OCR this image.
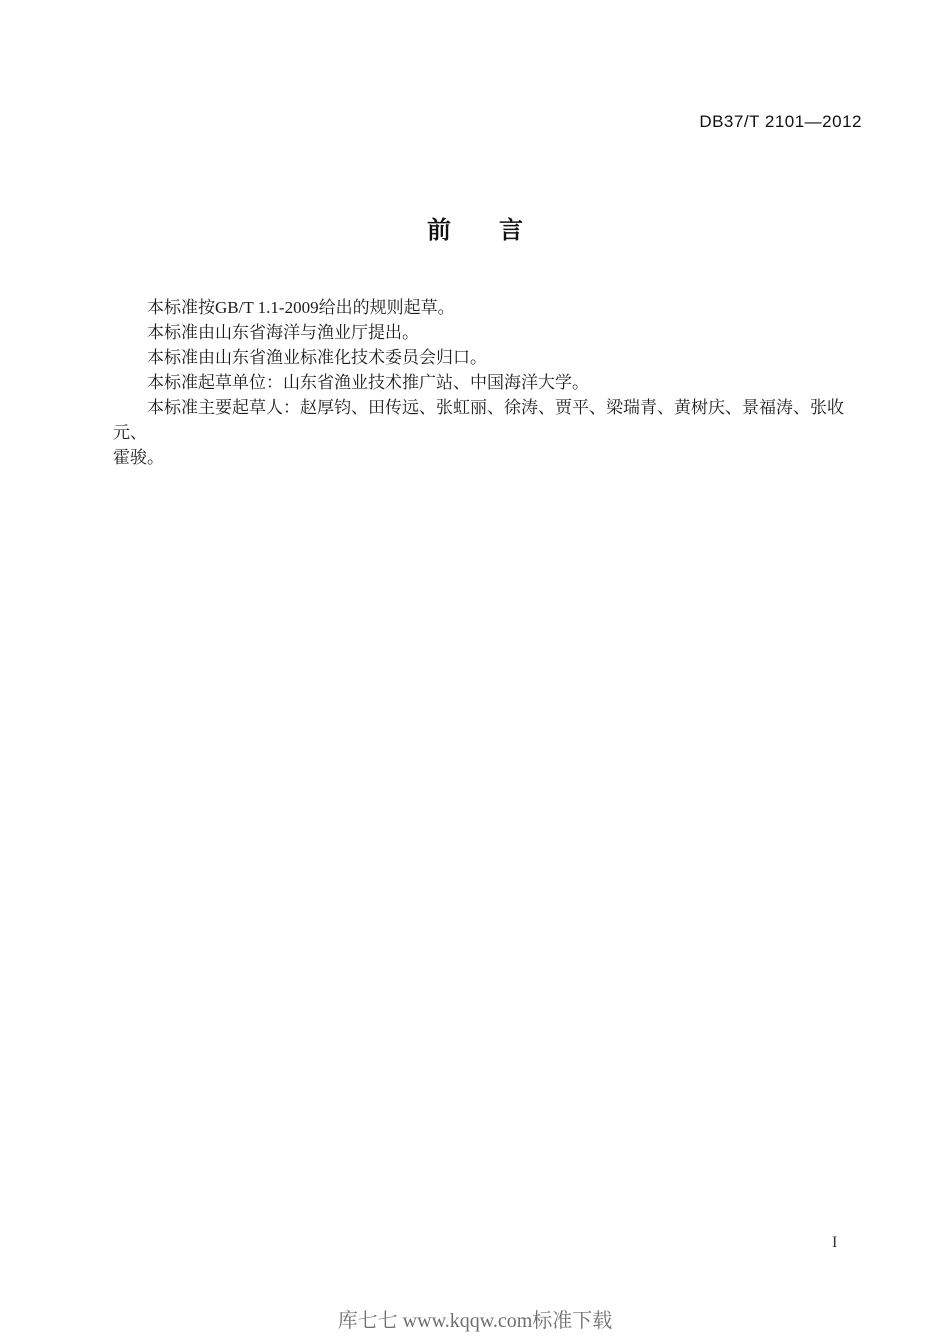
DB37/T 2101—2012
前　　言

本标准按GB/T 1.1-2009给出的规则起草。

本标准由山东省海洋与渔业厅提出。

本标准由山东省渔业标准化技术委员会归口。

本标准起草单位：山东省渔业技术推广站、中国海洋大学。

本标准主要起草人：赵厚钧、田传远、张虹丽、徐涛、贾平、梁瑞青、黄树庆、景福涛、张收元、

霍骏。

I
库七七 www.kqqw.com标准下载
